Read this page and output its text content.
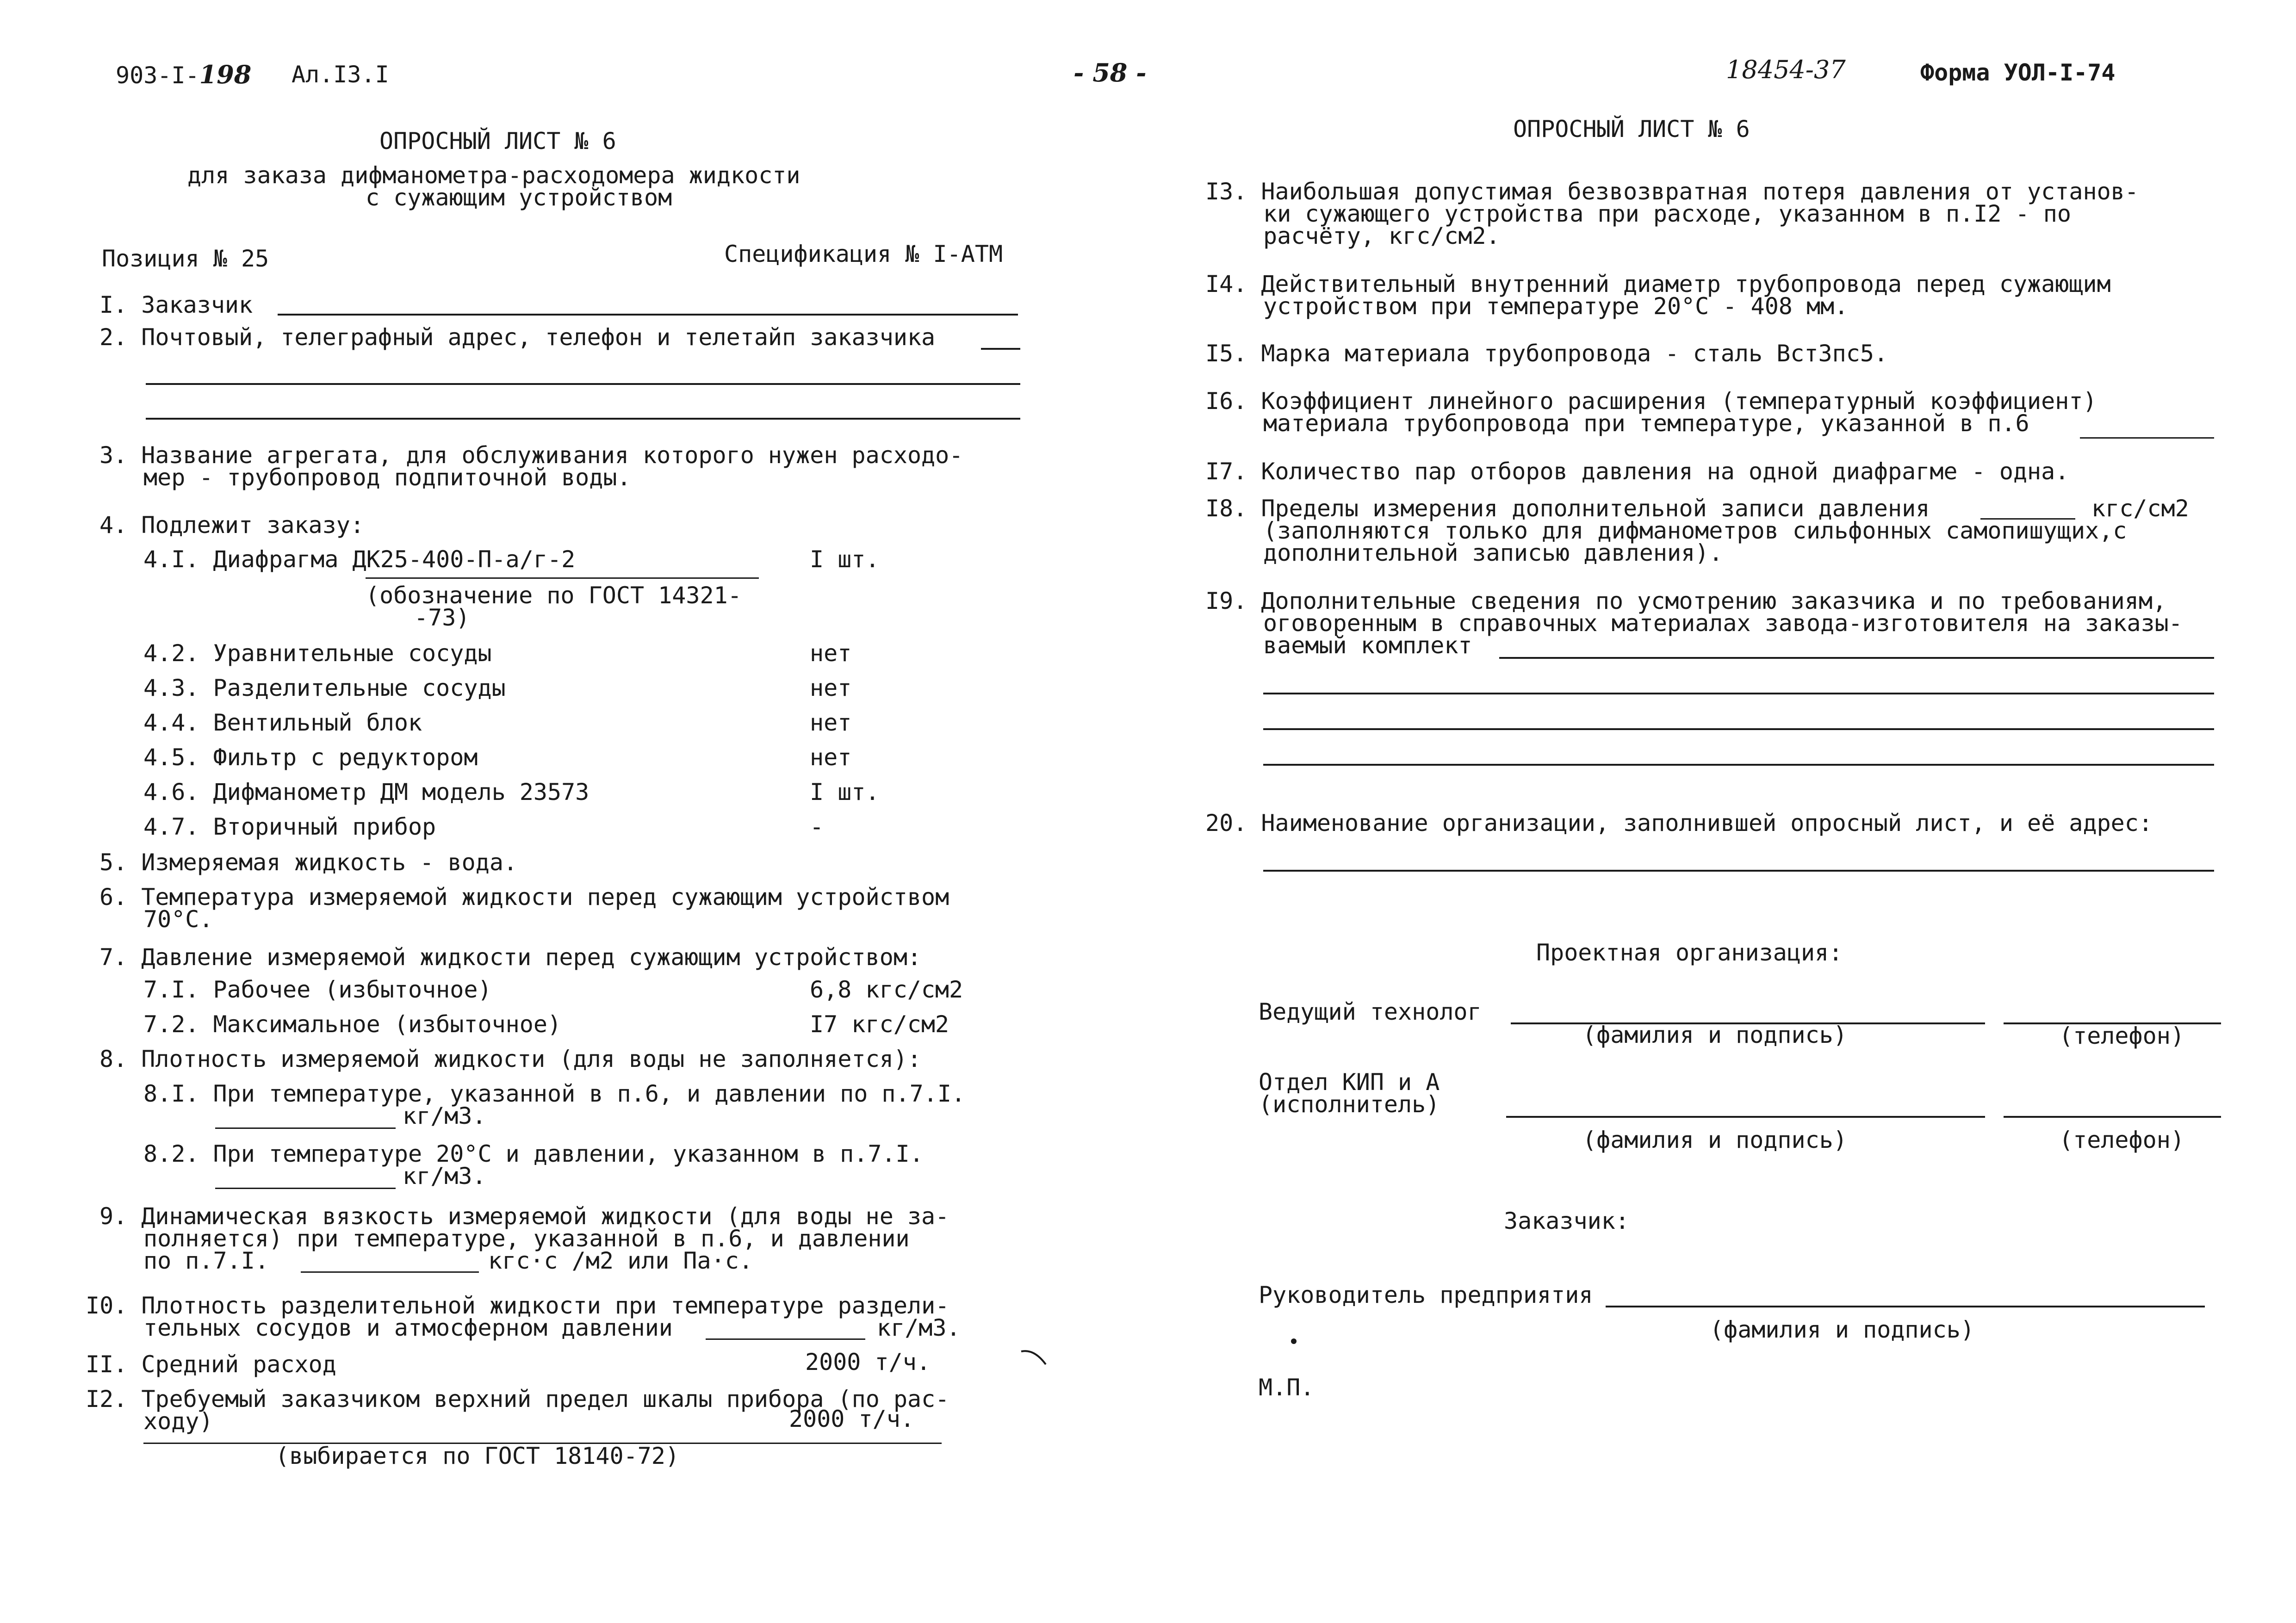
903-I-198 Ал.I3.I	- 58 -	18454-37	Форма УОЛ-I-74
ОПРОСНЫЙ ЛИСТ № 6
для заказа дифманометра-расходомера жидкости
с сужающим устройством
Позиция № 25	Спецификация № I-АТМ
I. Заказчик
2. Почтовый, телеграфный адрес, телефон и телетайп заказчика
3. Название агрегата, для обслуживания которого нужен расходо-
мер - трубопровод подпиточной воды.
4. Подлежит заказу:
4.I. Диафрагма ДК25-400-П-а/г-2	I шт.
(обозначение по ГОСТ 14321-
-73)
4.2. Уравнительные сосуды	нет
4.3. Разделительные сосуды	нет
4.4. Вентильный блок	нет
4.5. Фильтр с редуктором	нет
4.6. Дифманометр ДМ модель 23573	I шт.
4.7. Вторичный прибор	-
5. Измеряемая жидкость - вода.
6. Температура измеряемой жидкости перед сужающим устройством
70°С.
7. Давление измеряемой жидкости перед сужающим устройством:
7.I. Рабочее (избыточное)	6,8 кгс/см2
7.2. Максимальное (избыточное)	I7 кгс/см2
8. Плотность измеряемой жидкости (для воды не заполняется):
8.I. При температуре, указанной в п.6, и давлении по п.7.I.
кг/м3.
8.2. При температуре 20°С и давлении, указанном в п.7.I.
кг/м3.
9. Динамическая вязкость измеряемой жидкости (для воды не за-
полняется) при температуре, указанной в п.6, и давлении
по п.7.I.	кгс·с /м2 или Па·с.
I0. Плотность разделительной жидкости при температуре раздели-
тельных сосудов и атмосферном давлении	кг/м3.
II. Средний расход	2000 т/ч.
I2. Требуемый заказчиком верхний предел шкалы прибора (по рас-
ходу)	2000 т/ч.
(выбирается по ГОСТ 18140-72)
ОПРОСНЫЙ ЛИСТ № 6
I3. Наибольшая допустимая безвозвратная потеря давления от установ-
ки сужающего устройства при расходе, указанном в п.I2 - по
расчёту, кгс/см2.
I4. Действительный внутренний диаметр трубопровода перед сужающим
устройством при температуре 20°С - 408 мм.
I5. Марка материала трубопровода - сталь ВстЗпс5.
I6. Коэффициент линейного расширения (температурный коэффициент)
материала трубопровода при температуре, указанной в п.6
I7. Количество пар отборов давления на одной диафрагме - одна.
I8. Пределы измерения дополнительной записи давления	кгс/см2
(заполняются только для дифманометров сильфонных самопишущих,с
дополнительной записью давления).
I9. Дополнительные сведения по усмотрению заказчика и по требованиям,
оговоренным в справочных материалах завода-изготовителя на заказы-
ваемый комплект
20. Наименование организации, заполнившей опросный лист, и её адрес:
Проектная организация:
Ведущий технолог
(фамилия и подпись)	(телефон)
Отдел КИП и А
(исполнитель)
(фамилия и подпись)	(телефон)
Заказчик:
Руководитель предприятия
(фамилия и подпись)
М.П.
